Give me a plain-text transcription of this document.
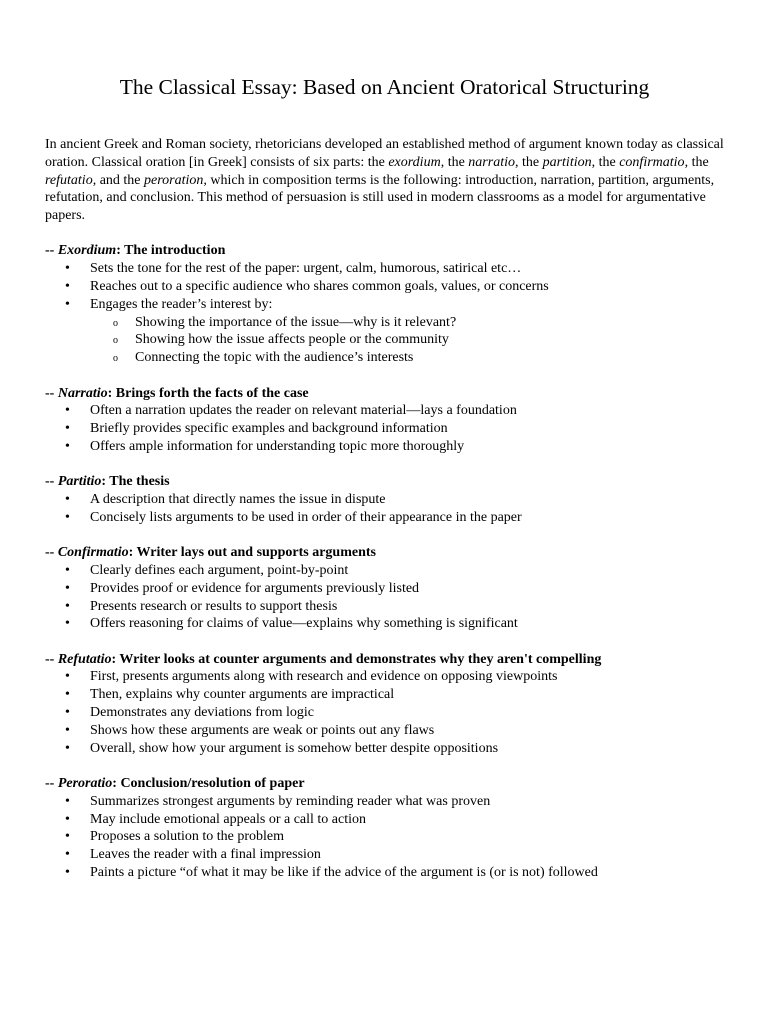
The Classical Essay: Based on Ancient Oratorical Structuring

In ancient Greek and Roman society, rhetoricians developed an established method of argument known today as classical oration. Classical oration [in Greek] consists of six parts: the exordium, the narratio, the partition, the confirmatio, the refutatio, and the peroration, which in composition terms is the following: introduction, narration, partition, arguments, refutation, and conclusion. This method of persuasion is still used in modern classrooms as a model for argumentative papers.

-- Exordium: The introduction

• Sets the tone for the rest of the paper: urgent, calm, humorous, satirical etc…
• Reaches out to a specific audience who shares common goals, values, or concerns
• Engages the reader’s interest by:
o Showing the importance of the issue—why is it relevant?
o Showing how the issue affects people or the community
o Connecting the topic with the audience’s interests

-- Narratio: Brings forth the facts of the case

• Often a narration updates the reader on relevant material—lays a foundation
• Briefly provides specific examples and background information
• Offers ample information for understanding topic more thoroughly

-- Partitio: The thesis

• A description that directly names the issue in dispute
• Concisely lists arguments to be used in order of their appearance in the paper

-- Confirmatio: Writer lays out and supports arguments

• Clearly defines each argument, point-by-point
• Provides proof or evidence for arguments previously listed
• Presents research or results to support thesis
• Offers reasoning for claims of value—explains why something is significant

-- Refutatio: Writer looks at counter arguments and demonstrates why they aren't compelling

• First, presents arguments along with research and evidence on opposing viewpoints
• Then, explains why counter arguments are impractical
• Demonstrates any deviations from logic
• Shows how these arguments are weak or points out any flaws
• Overall, show how your argument is somehow better despite oppositions

-- Peroratio: Conclusion/resolution of paper

• Summarizes strongest arguments by reminding reader what was proven
• May include emotional appeals or a call to action
• Proposes a solution to the problem
• Leaves the reader with a final impression
• Paints a picture “of what it may be like if the advice of the argument is (or is not) followed
